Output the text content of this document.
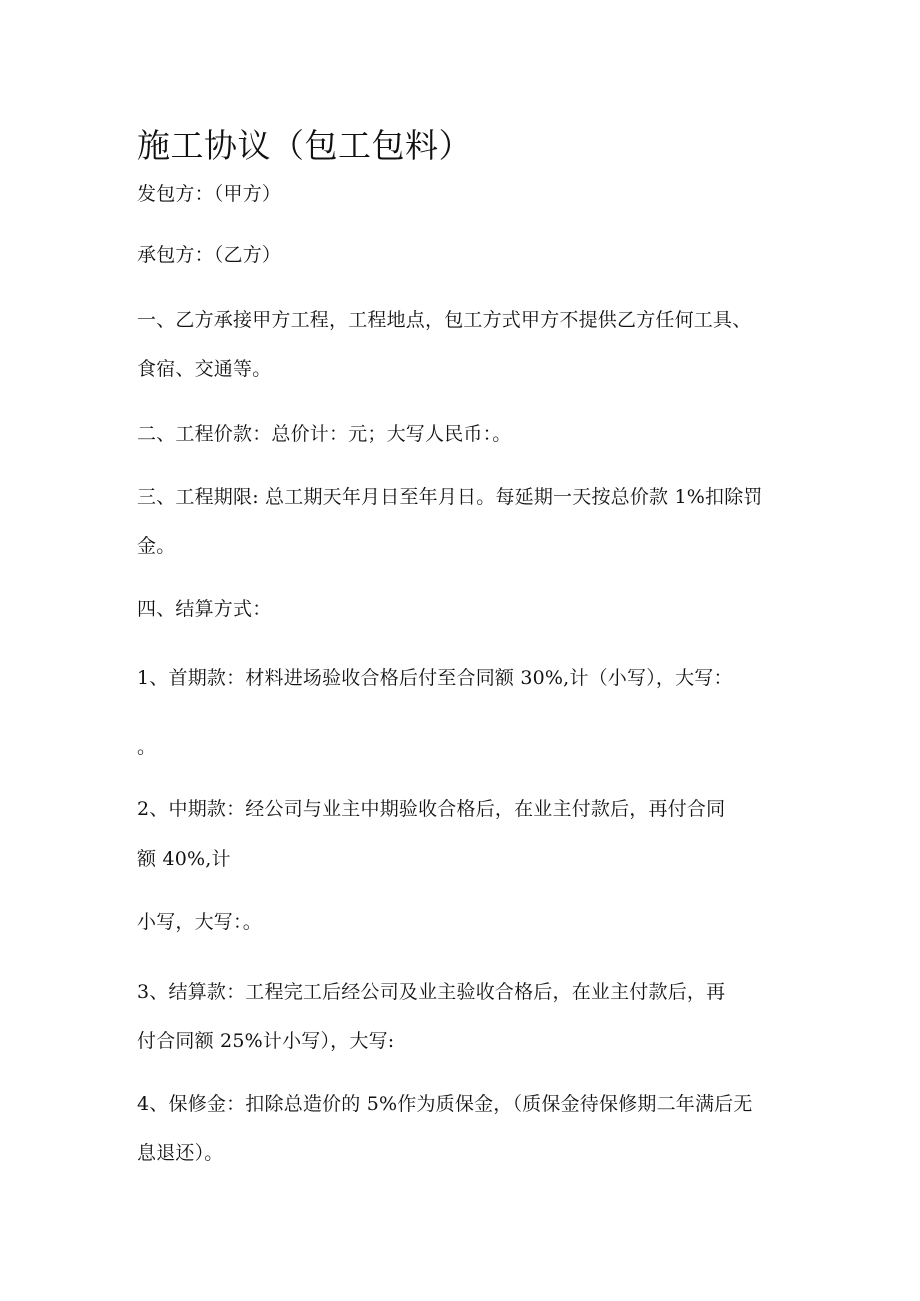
施工协议（包工包料）
发包方：（甲方）
承包方：（乙方）
一、乙方承接甲方工程，工程地点，包工方式甲方不提供乙方任何工具、
食宿、交通等。
二、工程价款：总价计：元；大写人民币：。
三、工程期限: 总工期天年月日至年月日。每延期一天按总价款 1%扣除罚
金。
四、结算方式：
1、首期款：材料进场验收合格后付至合同额 30%,计（小写），大写：
。
2、中期款：经公司与业主中期验收合格后，在业主付款后，再付合同
额 40%,计
小写，大写：。
3、结算款：工程完工后经公司及业主验收合格后，在业主付款后，再
付合同额 25%计小写），大写:
4、保修金：扣除总造价的 5%作为质保金，（质保金待保修期二年满后无
息退还）。
